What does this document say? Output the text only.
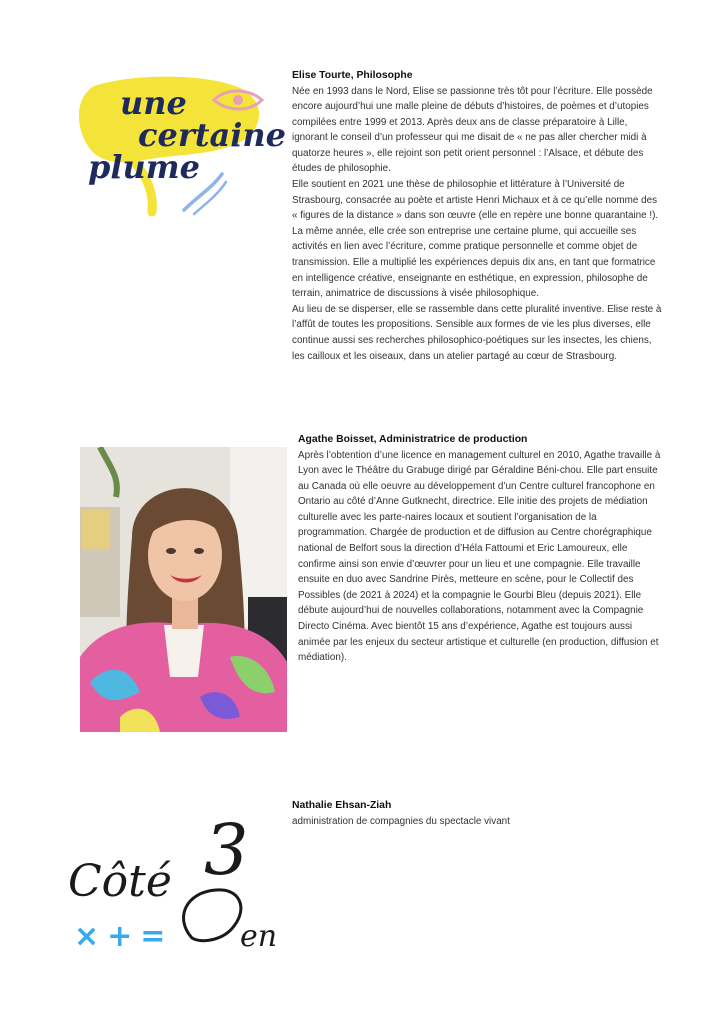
une
certaine
plume
Elise Tourte, Philosophe

Née en 1993 dans le Nord, Elise se passionne très tôt pour l’écriture. Elle possède encore aujourd’hui une malle pleine de débuts d’histoires, de poèmes et d’utopies compilées entre 1999 et 2013. Après deux ans de classe préparatoire à Lille, ignorant le conseil d’un professeur qui me disait de « ne pas aller chercher midi à quatorze heures », elle rejoint son petit orient personnel : l’Alsace, et débute des études de philosophie.

Elle soutient en 2021 une thèse de philosophie et littérature à l’Université de Strasbourg, consacrée au poète et artiste Henri Michaux et à ce qu’elle nomme des « figures de la distance » dans son œuvre (elle en repère une bonne quarantaine !).

La même année, elle crée son entreprise une certaine plume, qui accueille ses activités en lien avec l’écriture, comme pratique personnelle et comme objet de transmission. Elle a multiplié les expériences depuis dix ans, en tant que formatrice en intelligence créative, enseignante en esthétique, en expression, philosophe de terrain, animatrice de discussions à visée philosophique.

Au lieu de se disperser, elle se rassemble dans cette pluralité inventive. Elise reste à l’affût de toutes les propositions. Sensible aux formes de vie les plus diverses, elle continue aussi ses recherches philosophico-poétiques sur les insectes, les chiens, les cailloux et les oiseaux, dans un atelier partagé au cœur de Strasbourg.

Agathe Boisset, Administratrice de production

Après l’obtention d’une licence en management culturel en 2010, Agathe travaille à Lyon avec le Théâtre du Grabuge dirigé par Géraldine Béni-chou. Elle part ensuite au Canada où elle oeuvre au développement d’un Centre culturel francophone en Ontario au côté d’Anne Gutknecht, directrice. Elle initie des projets de médiation culturelle avec les parte-naires locaux et soutient l’organisation de la programmation. Chargée de production et de diffusion au Centre chorégraphique national de Belfort sous la direction d’Héla Fattoumi et Eric Lamoureux, elle confirme ainsi son envie d’œuvrer pour un lieu et une compagnie. Elle travaille ensuite en duo avec Sandrine Pirès, metteure en scène, pour le Collectif des Possibles (de 2021 à 2024) et la compagnie le Gourbi Bleu (depuis 2021). Elle débute aujourd’hui de nouvelles collaborations, notamment avec la Compagnie Directo Cinéma. Avec bientôt 15 ans d’expérience, Agathe est toujours aussi animée par les enjeux du secteur artistique et culturelle (en production, diffusion et médiation).

Nathalie Ehsan-Ziah

administration de compagnies du spectacle vivant

Côté 3
en
×+=
